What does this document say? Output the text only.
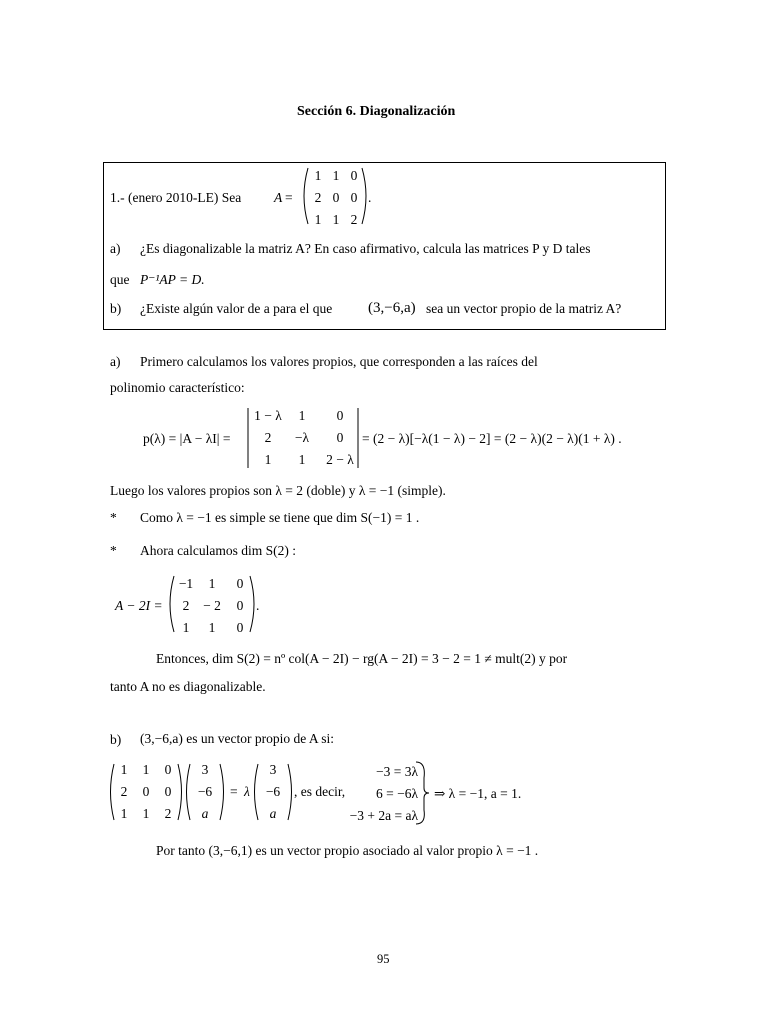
Sección 6. Diagonalización
1.- (enero 2010-LE) Sea A =
1 1 0
2 0 0
1 1 2
.
a) ¿Es diagonalizable la matriz A? En caso afirmativo, calcula las matrices P y D tales
que P⁻¹AP = D.
b) ¿Existe algún valor de a para el que (3,−6,a) sea un vector propio de la matriz A?
a) Primero calculamos los valores propios, que corresponden a las raíces del
polinomio característico:
p(λ) = |A − λI| =
1 − λ 1 0
2 −λ 0
1 1 2 − λ
= (2 − λ)[−λ(1 − λ) − 2] = (2 − λ)(2 − λ)(1 + λ) .
Luego los valores propios son λ = 2 (doble) y λ = −1 (simple).
* Como λ = −1 es simple se tiene que dim S(−1) = 1 .
* Ahora calculamos dim S(2) :
A − 2I =
−1 1 0
2 − 2 0
1 1 0
.
Entonces, dim S(2) = nº col(A − 2I) − rg(A − 2I) = 3 − 2 = 1 ≠ mult(2) y por
tanto A no es diagonalizable.
b) (3,−6,a) es un vector propio de A si:
1 1 0
2 0 0
1 1 2
3
−6
a
= λ
3
−6
a
, es decir,
−3 = 3λ
6 = −6λ
−3 + 2a = aλ
⇒ λ = −1, a = 1.
Por tanto (3,−6,1) es un vector propio asociado al valor propio λ = −1 .
95
